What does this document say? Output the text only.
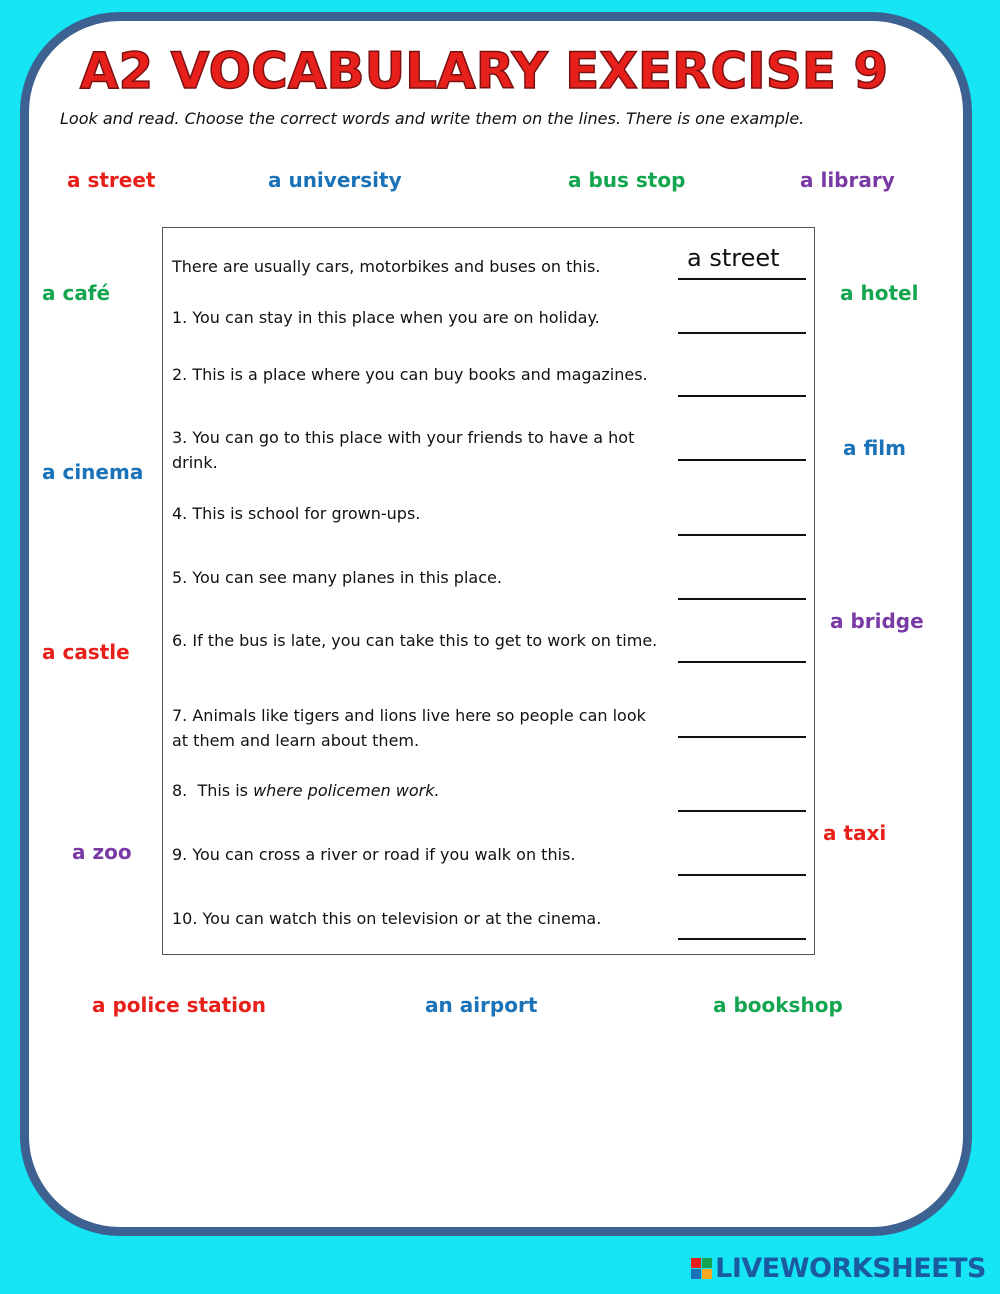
A2 VOCABULARY EXERCISE 9

Look and read. Choose the correct words and write them on the lines. There is one example.

a street	a university	a bus stop	a library
a café	a hotel
a cinema
a film
a castle
a bridge
a zoo
a taxi
a police station	an airport	a bookshop
There are usually cars, motorbikes and buses on this.	a street
1. You can stay in this place when you are on holiday.
2. This is a place where you can buy books and magazines.
3. You can go to this place with your friends to have a hot drink.
4. This is school for grown-ups.
5. You can see many planes in this place.
6. If the bus is late, you can take this to get to work on time.
7. Animals like tigers and lions live here so people can look at them and learn about them.
8.  This is where policemen work.
9. You can cross a river or road if you walk on this.
10. You can watch this on television or at the cinema.
LIVEWORKSHEETS
